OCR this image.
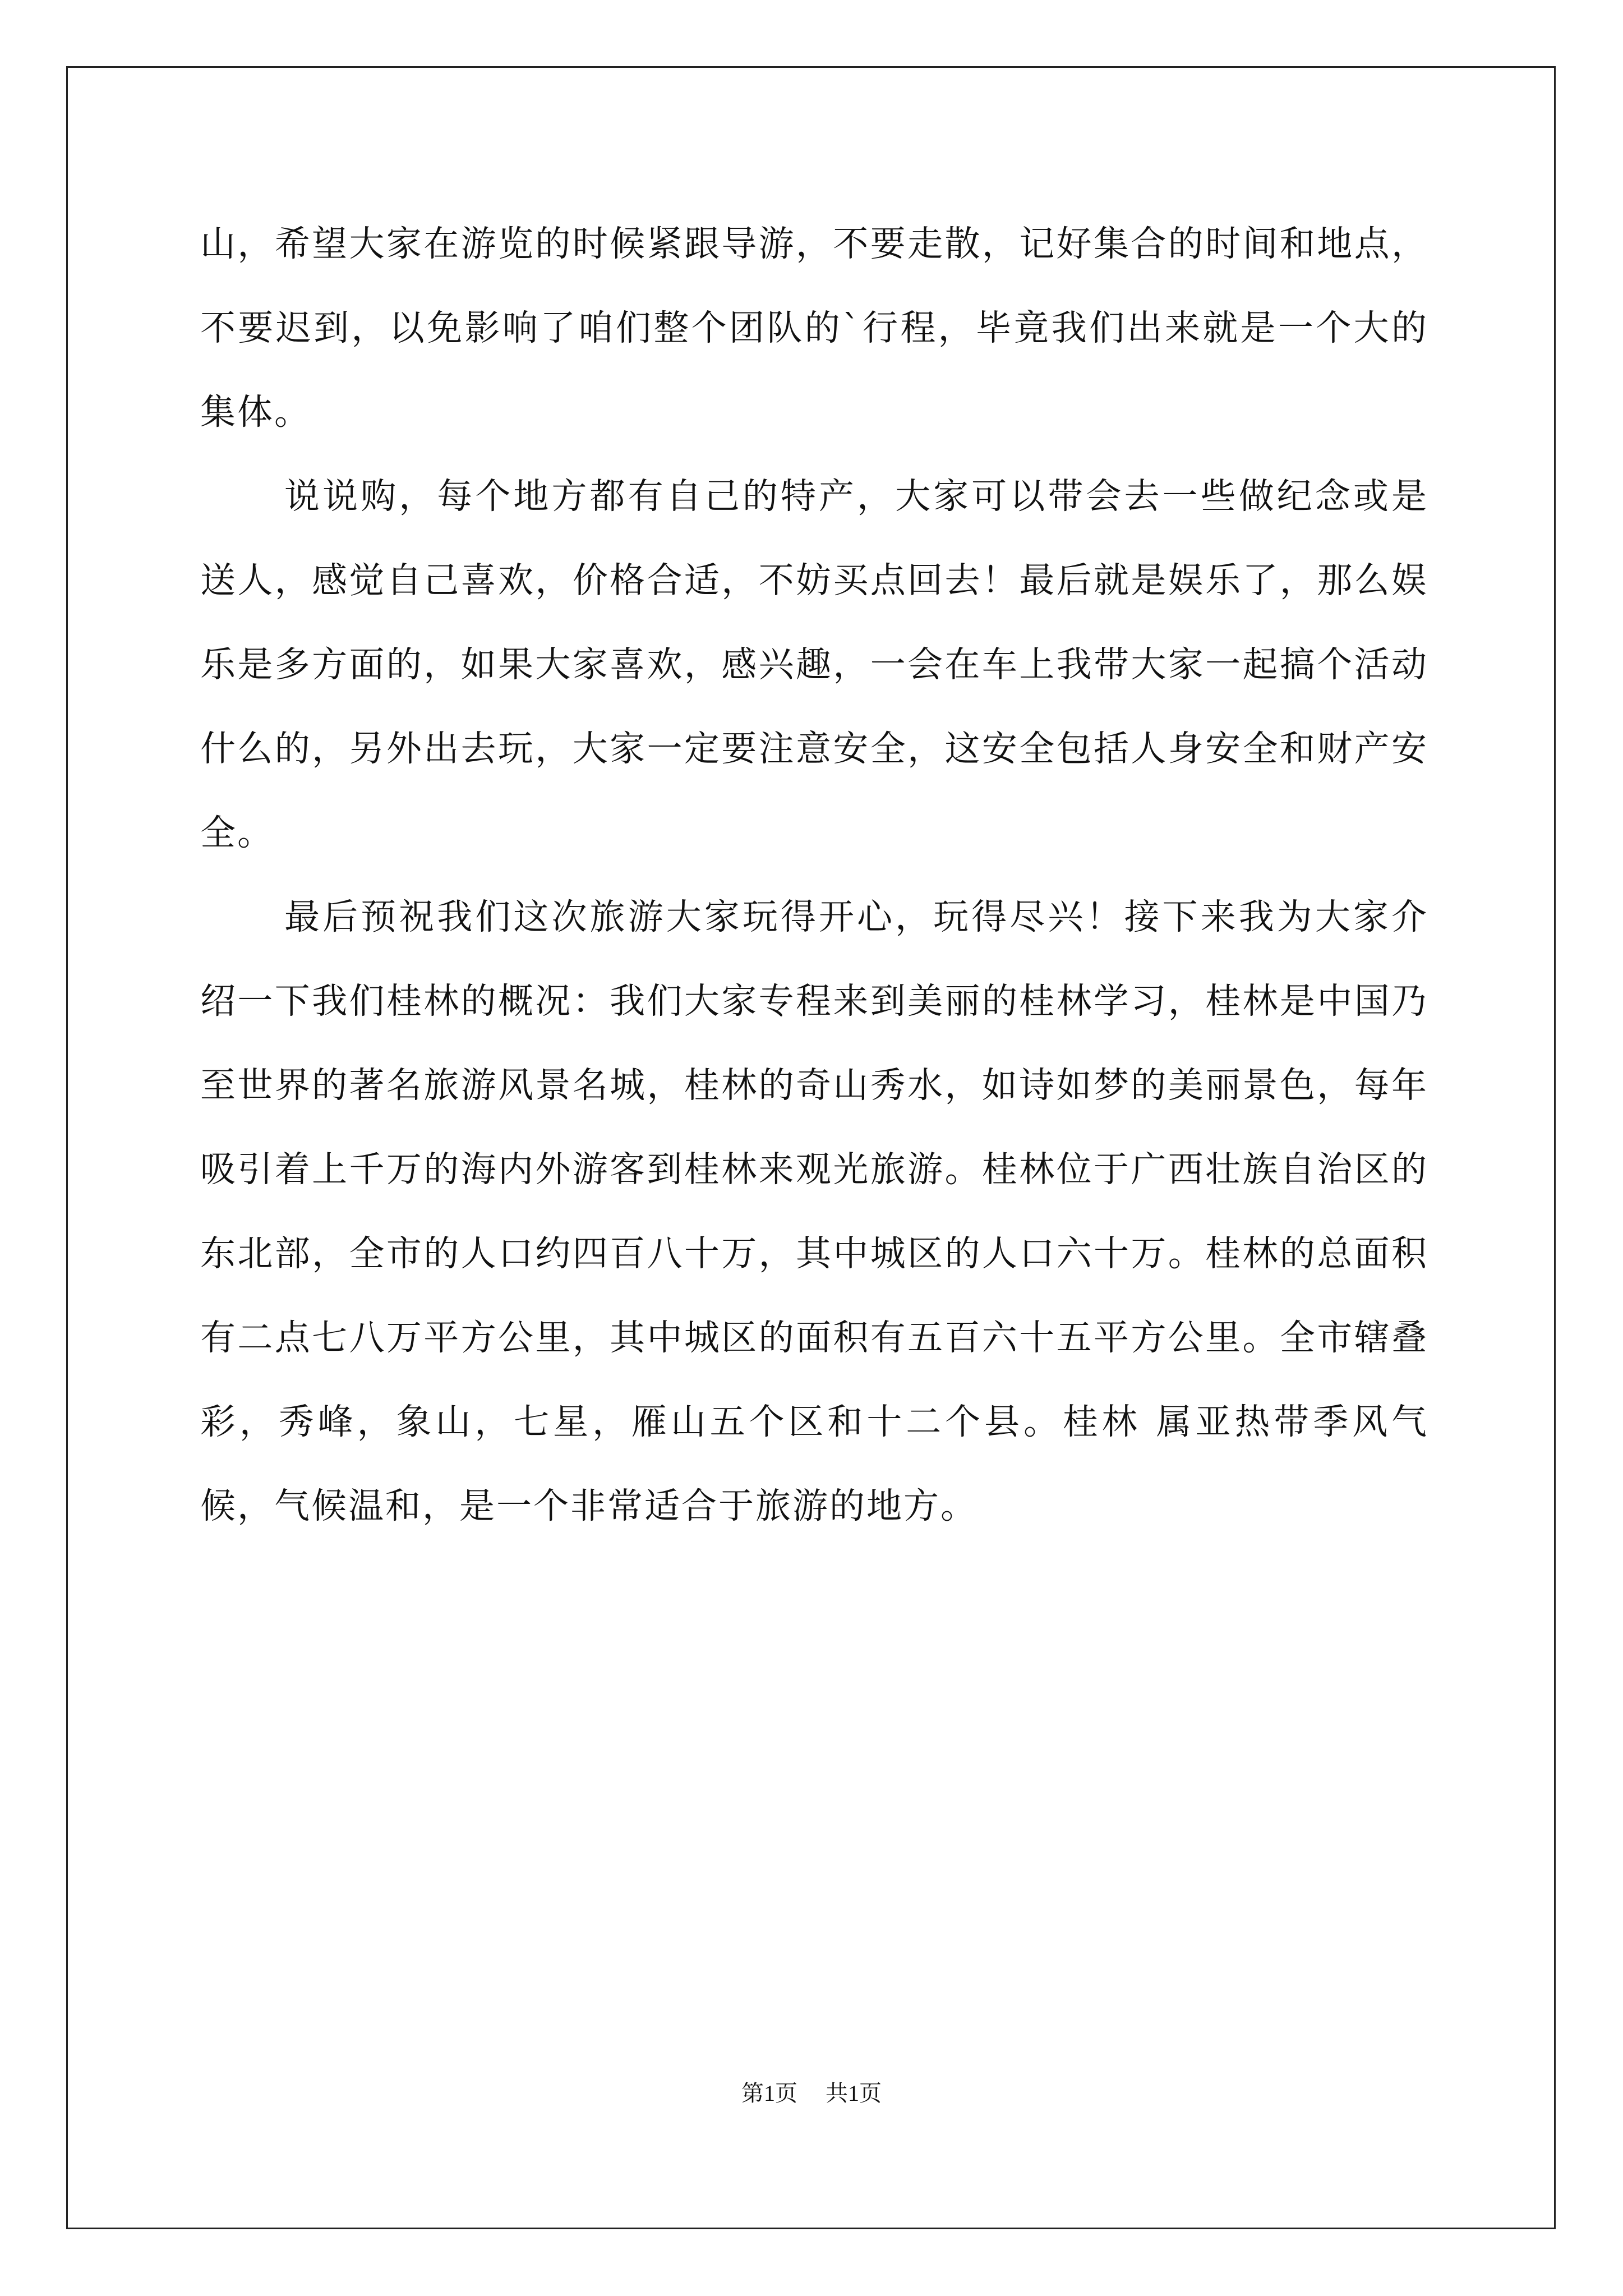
山，希望大家在游览的时候紧跟导游，不要走散，记好集合的时间和地点，不要迟到，以免影响了咱们整个团队的`行程，毕竟我们出来就是一个大的集体。

说说购，每个地方都有自己的特产，大家可以带会去一些做纪念或是送人，感觉自己喜欢，价格合适，不妨买点回去！最后就是娱乐了，那么娱乐是多方面的，如果大家喜欢，感兴趣，一会在车上我带大家一起搞个活动什么的，另外出去玩，大家一定要注意安全，这安全包括人身安全和财产安全。

最后预祝我们这次旅游大家玩得开心，玩得尽兴！接下来我为大家介绍一下我们桂林的概况：我们大家专程来到美丽的桂林学习，桂林是中国乃至世界的著名旅游风景名城，桂林的奇山秀水，如诗如梦的美丽景色，每年吸引着上千万的海内外游客到桂林来观光旅游。桂林位于广西壮族自治区的东北部，全市的人口约四百八十万，其中城区的人口六十万。桂林的总面积有二点七八万平方公里，其中城区的面积有五百六十五平方公里。全市辖叠彩，秀峰，象山，七星，雁山五个区和十二个县。桂林 属亚热带季风气候，气候温和，是一个非常适合于旅游的地方。

第1页 共1页
